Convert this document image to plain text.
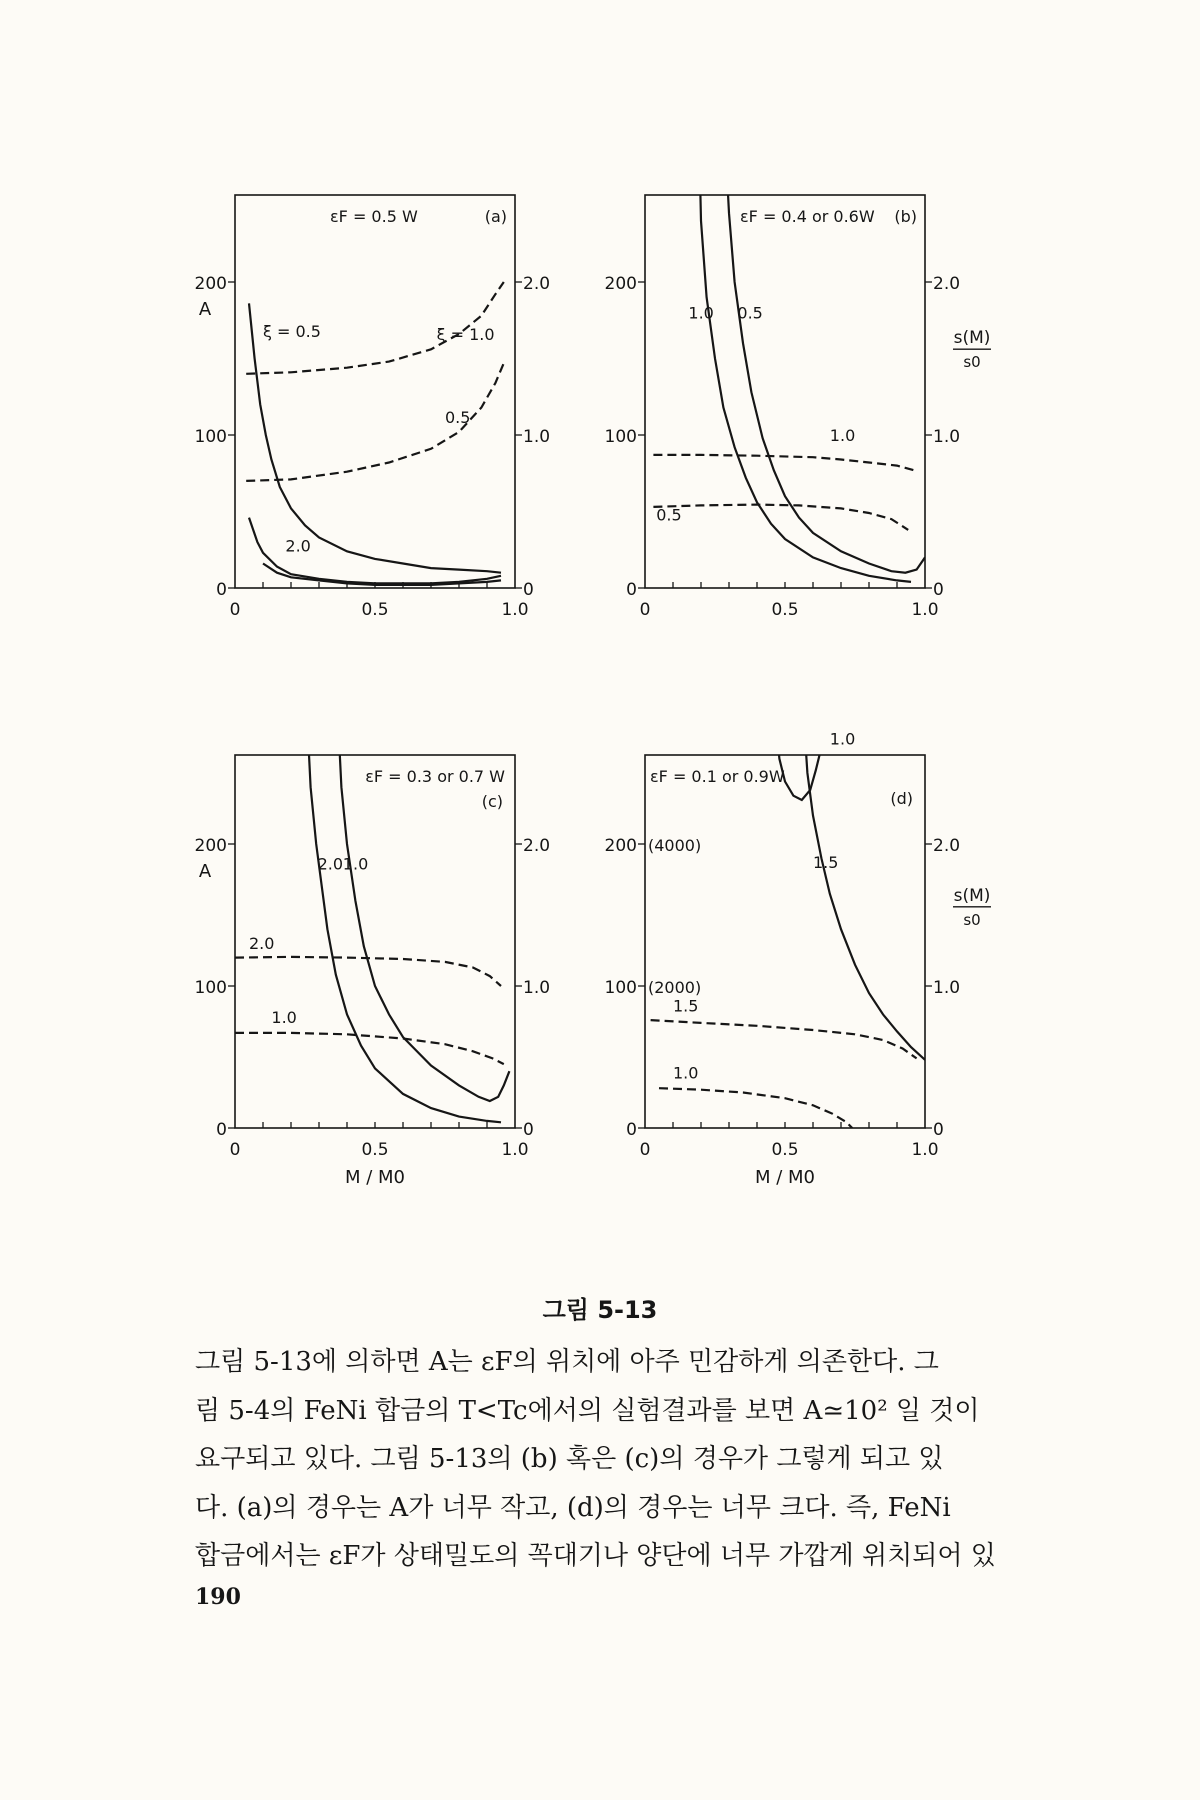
0	0.5	1.0
0
100
200
0
1.0
2.0
A
εF = 0.5 W	(a)
ξ = 0.5
2.0
ξ = 1.0
0.5
0	0.5	1.0
0
100
200
0
1.0
2.0
s(M)
s0
εF = 0.4 or 0.6W (b)
1.0 0.5
1.0
0.5
0	0.5	1.0
0
100
200
0
1.0
2.0
A
M / M0
εF = 0.3 or 0.7 W
(c)
2.0 1.0
2.0
1.0
0	0.5	1.0
0
100
200
0
1.0
2.0
(2000)
(4000)
s(M)
s0
M / M0
εF = 0.1 or 0.9W
(d)
1.0
1.5
1.5
1.0
그림 5-13

그림 5-13에 의하면 A는 εF의 위치에 아주 민감하게 의존한다. 그

림 5-4의 FeNi 합금의 T<Tc에서의 실험결과를 보면 A≃10² 일 것이

요구되고 있다. 그림 5-13의 (b) 혹은 (c)의 경우가 그렇게 되고 있

다. (a)의 경우는 A가 너무 작고, (d)의 경우는 너무 크다. 즉, FeNi

합금에서는 εF가 상태밀도의 꼭대기나 양단에 너무 가깝게 위치되어 있

190
